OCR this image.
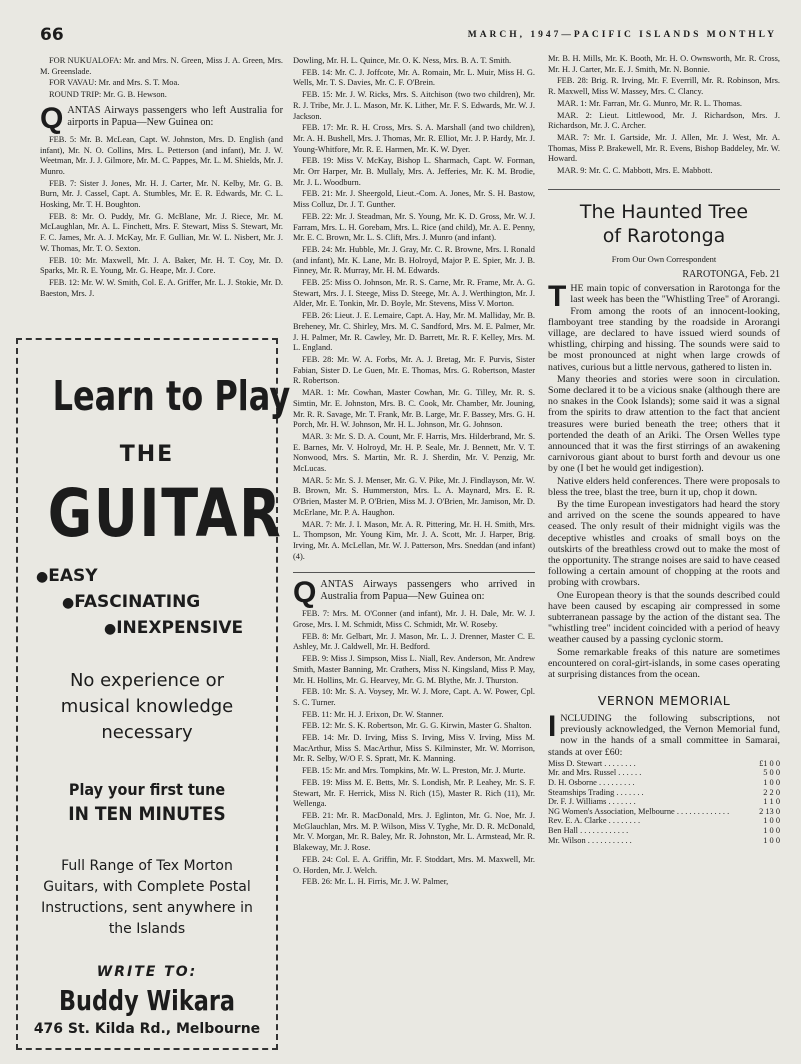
66	MARCH, 1947—PACIFIC ISLANDS MONTHLY

FOR NUKUALOFA: Mr. and Mrs. N. Green, Miss J. A. Green, Mrs. M. Greenslade.

FOR VAVAU: Mr. and Mrs. S. T. Moa.

ROUND TRIP: Mr. G. B. Hewson.

QANTAS Airways passengers who left Australia for airports in Papua—New Guinea on:

FEB. 5: Mr. B. McLean, Capt. W. Johnston, Mrs. D. English (and infant), Mr. N. O. Collins, Mrs. L. Petterson (and infant), Mr. J. W. Weetman, Mr. J. J. Gilmore, Mr. M. C. Pappes, Mr. L. M. Shields, Mr. J. Munro.

FEB. 7: Sister J. Jones, Mr. H. J. Carter, Mr. N. Kelby, Mr. G. B. Burn, Mr. J. Cassel, Capt. A. Stumbles, Mr. E. R. Edwards, Mr. C. L. Hosking, Mr. T. H. Boughton.

FEB. 8: Mr. O. Puddy, Mr. G. McBlane, Mr. J. Riece, Mr. M. McLaughlan, Mr. A. L. Finchett, Mrs. F. Stewart, Miss S. Stewart, Mr. F. C. James, Mr. A. J. McKay, Mr. F. Gullian, Mr. W. L. Nisbert, Mr. J. W. Thomas, Mr. T. O. Sexton.

FEB. 10: Mr. Maxwell, Mr. J. A. Baker, Mr. H. T. Coy, Mr. D. Sparks, Mr. R. E. Young, Mr. G. Heape, Mr. J. Core.

FEB. 12: Mr. W. W. Smith, Col. E. A. Griffer, Mr. L. J. Stokie, Mr. D. Baeston, Mrs. J.

Learn to Play
THE
GUITAR
●EASY
●FASCINATING
●INEXPENSIVE
No experience or
musical knowledge
necessary
Play your first tune
IN TEN MINUTES
Full Range of Tex Morton
Guitars, with Complete Postal
Instructions, sent anywhere in
the Islands
WRITE TO:
Buddy Wikara
476 St. Kilda Rd., Melbourne

Dowling, Mr. H. L. Quince, Mr. O. K. Ness, Mrs. B. A. T. Smith.

FEB. 14: Mr. C. J. Joffcote, Mr. A. Romain, Mr. L. Muir, Miss H. G. Wells, Mr. T. S. Davies, Mr. C. F. O'Brein.

FEB. 15: Mr. J. W. Ricks, Mrs. S. Aitchison (two two children), Mr. R. J. Tribe, Mr. J. L. Mason, Mr. K. Lither, Mr. F. S. Edwards, Mr. W. J. Jackson.

FEB. 17: Mr. R. H. Cross, Mrs. S. A. Marshall (and two children), Mr. A. H. Bushell, Mrs. J. Thomas, Mr. R. Elliot, Mr. J. P. Hardy, Mr. J. Young-Whitfore, Mr. R. E. Harmen, Mr. K. W. Dyer.

FEB. 19: Miss V. McKay, Bishop L. Sharmach, Capt. W. Forman, Mr. Orr Harper, Mr. B. Mullaly, Mrs. A. Jefferies, Mr. K. M. Brodie, Mr. J. L. Woodburn.

FEB. 21: Mr. J. Sheergold, Lieut.-Com. A. Jones, Mr. S. H. Bastow, Miss Colluz, Dr. J. T. Gunther.

FEB. 22: Mr. J. Steadman, Mr. S. Young, Mr. K. D. Gross, Mr. W. J. Farram, Mrs. L. H. Gorebam, Mrs. L. Rice (and child), Mr. A. E. Penny, Mr. E. C. Brown, Mr. L. S. Clift, Mrs. J. Munro (and infant).

FEB. 24: Mr. Hubble, Mr. J. Gray, Mr. C. R. Browne, Mrs. I. Ronald (and infant), Mr. K. Lane, Mr. B. Holroyd, Major P. E. Spier, Mr. J. B. Finney, Mr. R. Murray, Mr. H. M. Edwards.

FEB. 25: Miss O. Johnson, Mr. R. S. Carne, Mr. R. Frame, Mr. A. G. Stewart, Mrs. J. I. Steege, Miss D. Steege, Mr. A. J. Werthington, Mr. J. Alder, Mr. E. Tonkin, Mr. D. Boyle, Mr. Stevens, Miss V. Morton.

FEB. 26: Lieut. J. E. Lemaire, Capt. A. Hay, Mr. M. Malliday, Mr. B. Breheney, Mr. C. Shirley, Mrs. M. C. Sandford, Mrs. M. E. Palmer, Mr. J. H. Palmer, Mr. R. Cawley, Mr. D. Barrett, Mr. R. F. Kelley, Mrs. M. L. England.

FEB. 28: Mr. W. A. Forbs, Mr. A. J. Bretag, Mr. F. Purvis, Sister Fabian, Sister D. Le Guen, Mr. E. Thomas, Mrs. G. Robertson, Master R. Robertson.

MAR. 1: Mr. Cowhan, Master Cowhan, Mr. G. Tilley, Mr. R. S. Simtin, Mr. E. Johnston, Mrs. B. C. Cook, Mr. Chamber, Mr. Jouning, Mr. R. R. Savage, Mr. T. Frank, Mr. B. Large, Mr. F. Bassey, Mrs. G. H. Porch, Mr. H. W. Johnson, Mr. H. L. Johnson, Mr. G. Johnson.

MAR. 3: Mr. S. D. A. Count, Mr. F. Harris, Mrs. Hilderbrand, Mr. S. E. Barnes, Mr. V. Holroyd, Mr. H. P. Seale, Mr. J. Bennett, Mr. V. T. Nonwood, Mrs. S. Martin, Mr. R. J. Sherdin, Mr. V. Penzig, Mr. McLucas.

MAR. 5: Mr. S. J. Menser, Mr. G. V. Pike, Mr. J. Findlayson, Mr. W. B. Brown, Mr. S. Hummerston, Mrs. L. A. Maynard, Mrs. E. R. O'Brien, Master M. P. O'Brien, Miss M. J. O'Brien, Mr. Jamison, Mr. D. McErlane, Mr. P. A. Haughon.

MAR. 7: Mr. J. I. Mason, Mr. A. R. Pittering, Mr. H. H. Smith, Mrs. L. Thompson, Mr. Young Kim, Mr. J. A. Scott, Mr. J. Harper, Brig. Irving, Mr. A. McLellan, Mr. W. J. Patterson, Mrs. Sneddan (and infant) (4).

QANTAS Airways passengers who arrived in Australia from Papua—New Guinea on:

FEB. 7: Mrs. M. O'Conner (and infant), Mr. J. H. Dale, Mr. W. J. Grose, Mrs. I. M. Schmidt, Miss C. Schmidt, Mr. W. Roseby.

FEB. 8: Mr. Gelbart, Mr. J. Mason, Mr. L. J. Drenner, Master C. E. Ashley, Mr. J. Caldwell, Mr. H. Bedford.

FEB. 9: Miss J. Simpson, Miss L. Niall, Rev. Anderson, Mr. Andrew Smith, Master Banning, Mr. Crathers, Miss N. Kingsland, Miss P. May, Mr. H. Hollins, Mr. G. Hearvey, Mr. G. M. Blythe, Mr. J. Thurston.

FEB. 10: Mr. S. A. Voysey, Mr. W. J. More, Capt. A. W. Power, Cpl. S. C. Turner.

FEB. 11: Mr. H. J. Erixon, Dr. W. Stanner.

FEB. 12: Mr. S. K. Robertson, Mr. G. G. Kirwin, Master G. Shalton.

FEB. 14: Mr. D. Irving, Miss S. Irving, Miss V. Irving, Miss M. MacArthur, Miss S. MacArthur, Miss S. Kilminster, Mr. W. Morrison, Mr. R. Selby, W/O F. S. Spratt, Mr. K. Manning.

FEB. 15: Mr. and Mrs. Tompkins, Mr. W. L. Preston, Mr. J. Murte.

FEB. 19: Miss M. E. Betts, Mr. S. Londish, Mr. P. Leahey, Mr. S. F. Stewart, Mr. F. Herrick, Miss N. Rich (15), Master R. Rich (11), Mr. Wellenga.

FEB. 21: Mr. R. MacDonald, Mrs. J. Eglinton, Mr. G. Noe, Mr. J. McGlauchlan, Mrs. M. P. Wilson, Miss V. Tyghe, Mr. D. R. McDonald, Mr. V. Morgan, Mr. R. Baley, Mr. R. Johnston, Mr. L. Armstead, Mr. R. Blakeway, Mr. J. Rose.

FEB. 24: Col. E. A. Griffin, Mr. F. Stoddart, Mrs. M. Maxwell, Mr. O. Horden, Mr. J. Welch.

FEB. 26: Mr. L. H. Firris, Mr. J. W. Palmer,

Mr. B. H. Mills, Mr. K. Booth, Mr. H. O. Ownsworth, Mr. R. Cross, Mr. H. J. Carter, Mr. E. J. Smith, Mr. N. Bonnie.

FEB. 28: Brig. R. Irving, Mr. F. Everrill, Mr. R. Robinson, Mrs. R. Maxwell, Miss W. Massey, Mrs. C. Clancy.

MAR. 1: Mr. Farran, Mr. G. Munro, Mr. R. L. Thomas.

MAR. 2: Lieut. Littlewood, Mr. J. Richardson, Mrs. J. Richardson, Mr. J. C. Archer.

MAR. 7: Mr. I. Gartside, Mr. J. Allen, Mr. J. West, Mr. A. Thomas, Miss P. Brakewell, Mr. R. Evens, Bishop Baddeley, Mr. W. Howard.

MAR. 9: Mr. C. C. Mabbott, Mrs. E. Mabbott.

The Haunted Tree
of Rarotonga
From Our Own Correspondent
RAROTONGA, Feb. 21

THE main topic of conversation in Rarotonga for the last week has been the "Whistling Tree" of Arorangi. From among the roots of an innocent-looking, flamboyant tree standing by the roadside in Arorangi village, are declared to have issued wierd sounds of whistling, chirping and hissing. The sounds were said to be most pronounced at night when large crowds of natives, curious but a little nervous, gathered to listen in.

Many theories and stories were soon in circulation. Some declared it to be a vicious snake (although there are no snakes in the Cook Islands); some said it was a signal from the spirits to draw attention to the fact that ancient treasures were buried beneath the tree; others that it portended the death of an Ariki. The Orsen Welles type announced that it was the first stirrings of an awakening carnivorous giant about to burst forth and devour us one by one (I bet he would get indigestion).

Native elders held conferences. There were proposals to bless the tree, blast the tree, burn it up, chop it down.

By the time European investigators had heard the story and arrived on the scene the sounds appeared to have ceased. The only result of their midnight vigils was the deceptive whistles and croaks of small boys on the outskirts of the breathless crowd out to make the most of the opportunity. The strange noises are said to have ceased following a certain amount of chopping at the roots and probing with crowbars.

One European theory is that the sounds described could have been caused by escaping air compressed in some subterranean passage by the action of the distant sea. The "whistling tree" incident coincided with a period of heavy weather caused by a passing cyclonic storm.

Some remarkable freaks of this nature are sometimes encountered on coral-girt-islands, in some cases operating at surprising distances from the ocean.

VERNON MEMORIAL

INCLUDING the following subscriptions, not previously acknowledged, the Vernon Memorial fund, now in the hands of a small committee in Samarai, stands at over £60:

Miss D. Stewart . . . . . . . .	£1 0 0
Mr. and Mrs. Russel . . . . . .	5 0 0
D. H. Osborne . . . . . . . . .	1 0 0
Steamships Trading . . . . . . .	2 2 0
Dr. F. J. Williams . . . . . . .	1 1 0
NG Women's Association, Melbourne . . . . . . . . . . . . .	2 13 0
Rev. E. A. Clarke . . . . . . . .	1 0 0
Ben Hall . . . . . . . . . . . .	1 0 0
Mr. Wilson . . . . . . . . . . .	1 0 0
